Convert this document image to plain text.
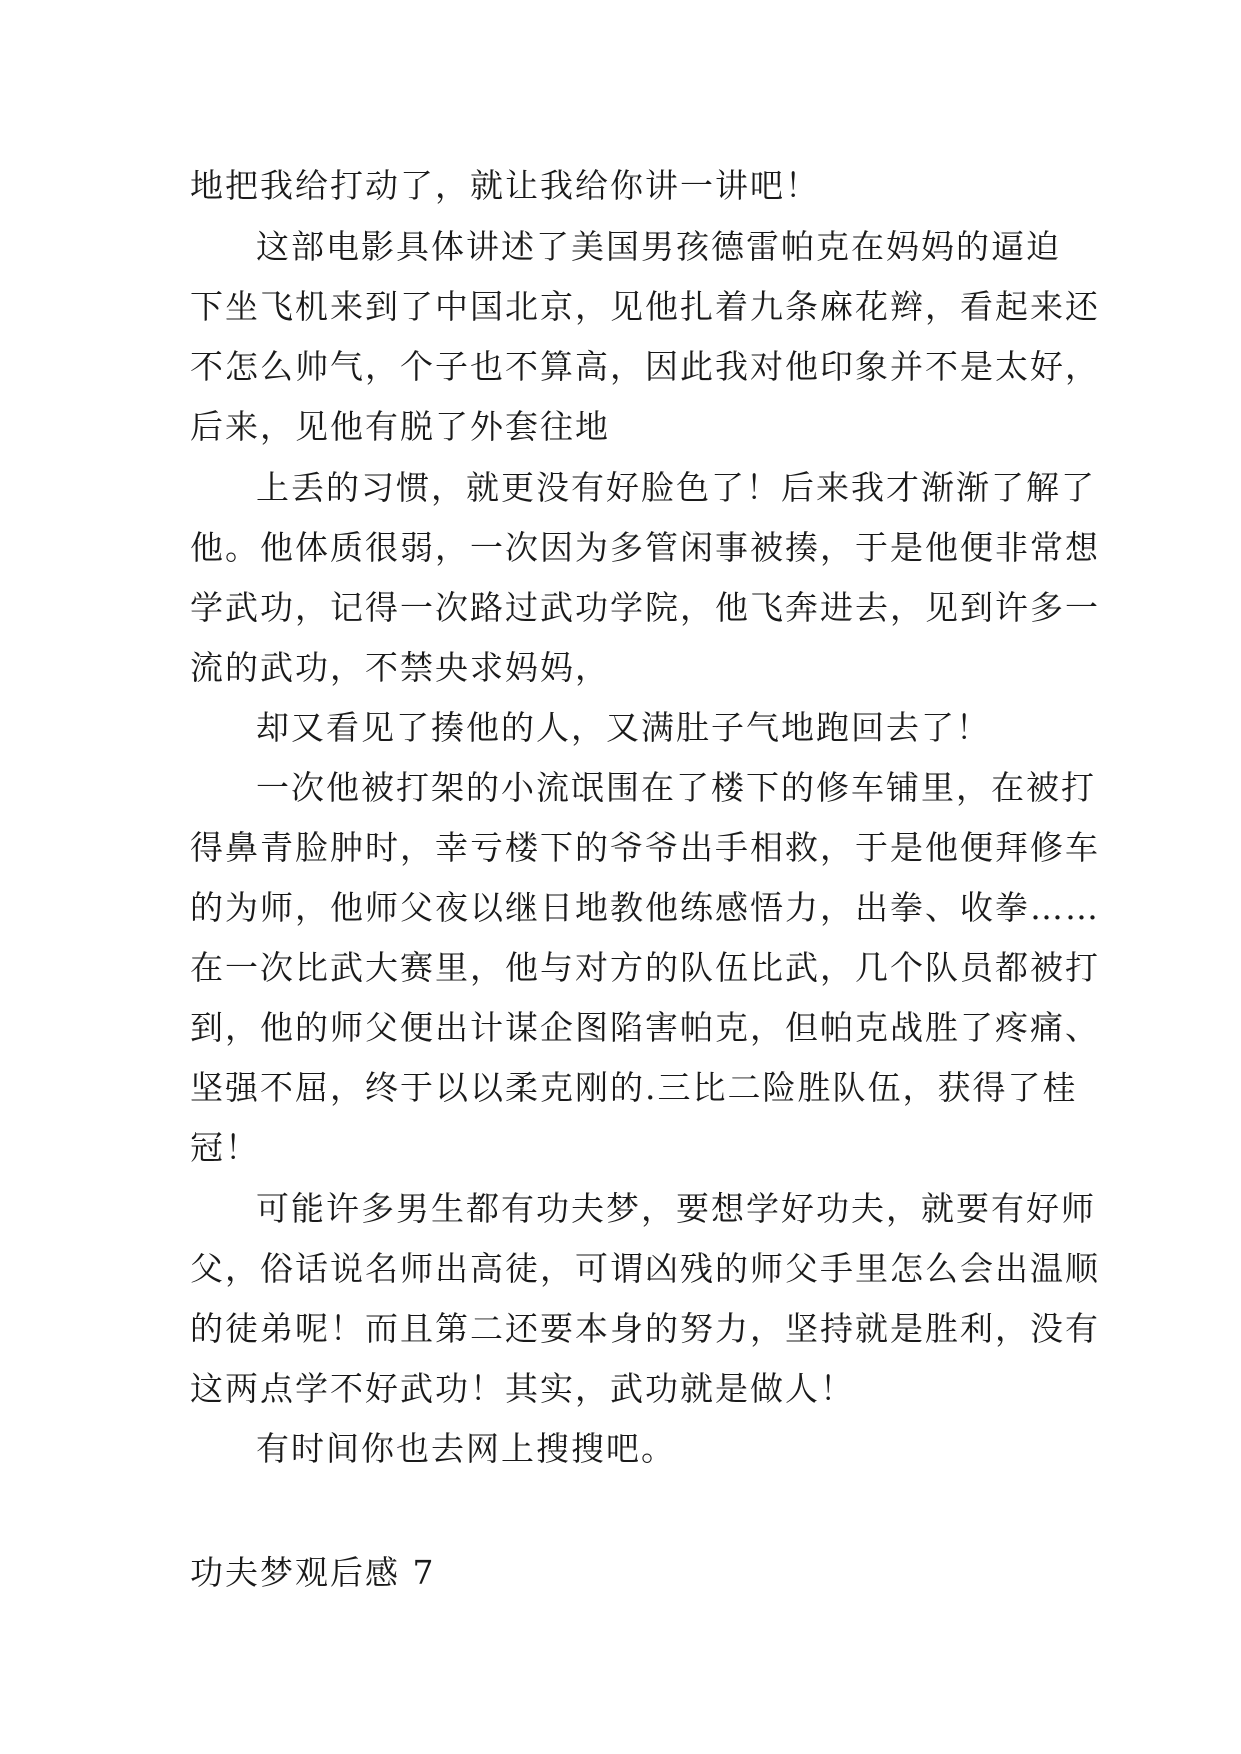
地把我给打动了，就让我给你讲一讲吧！
这部电影具体讲述了美国男孩德雷帕克在妈妈的逼迫
下坐飞机来到了中国北京，见他扎着九条麻花辫，看起来还
不怎么帅气，个子也不算高，因此我对他印象并不是太好，
后来，见他有脱了外套往地
上丢的习惯，就更没有好脸色了！后来我才渐渐了解了
他。他体质很弱，一次因为多管闲事被揍，于是他便非常想
学武功，记得一次路过武功学院，他飞奔进去，见到许多一
流的武功，不禁央求妈妈，
却又看见了揍他的人，又满肚子气地跑回去了！
一次他被打架的小流氓围在了楼下的修车铺里，在被打
得鼻青脸肿时，幸亏楼下的爷爷出手相救，于是他便拜修车
的为师，他师父夜以继日地教他练感悟力，出拳、收拳……
在一次比武大赛里，他与对方的队伍比武，几个队员都被打
到，他的师父便出计谋企图陷害帕克，但帕克战胜了疼痛、
坚强不屈，终于以以柔克刚的.三比二险胜队伍，获得了桂
冠！
可能许多男生都有功夫梦，要想学好功夫，就要有好师
父，俗话说名师出高徒，可谓凶残的师父手里怎么会出温顺
的徒弟呢！而且第二还要本身的努力，坚持就是胜利，没有
这两点学不好武功！其实，武功就是做人！
有时间你也去网上搜搜吧。
功夫梦观后感 7
